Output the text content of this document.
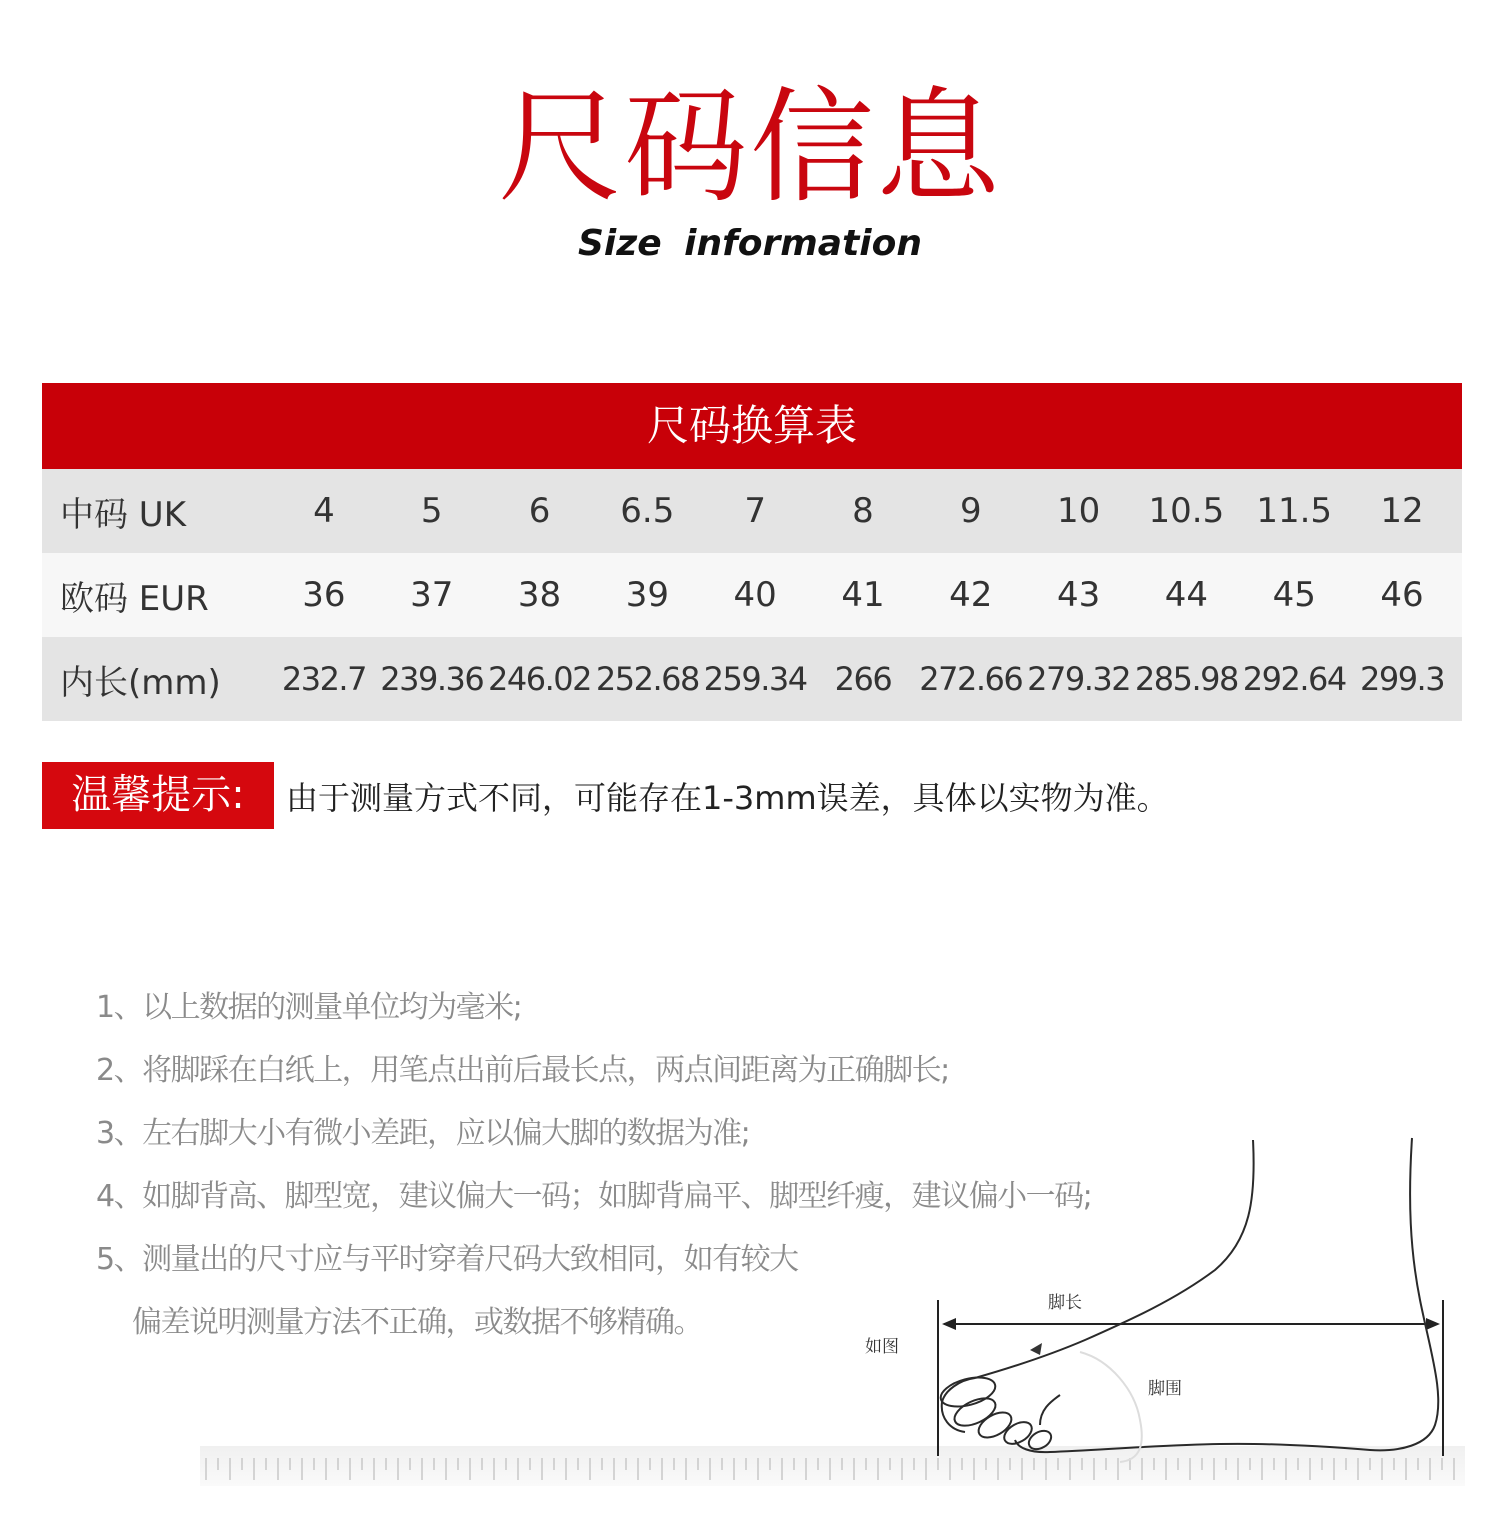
尺码信息
Size information
尺码换算表
中码 UK	4	5	6	6.5	7	8	9	10	10.5 11.5	12
欧码 EUR	36	37	38	39	40	41	42	43	44	45	46
内长(mm)	232.7 239.36 246.02 252.68 259.34 266 272.66 279.32 285.98 292.64 299.3
温馨提示:	由于测量方式不同，可能存在1-3mm误差，具体以实物为准。
1、以上数据的测量单位均为毫米;
2、将脚踩在白纸上，用笔点出前后最长点，两点间距离为正确脚长;
3、左右脚大小有微小差距，应以偏大脚的数据为准;
4、如脚背高、脚型宽，建议偏大一码；如脚背扁平、脚型纤瘦，建议偏小一码;
5、测量出的尺寸应与平时穿着尺码大致相同，如有较大
偏差说明测量方法不正确，或数据不够精确。
脚长
如图
脚围
